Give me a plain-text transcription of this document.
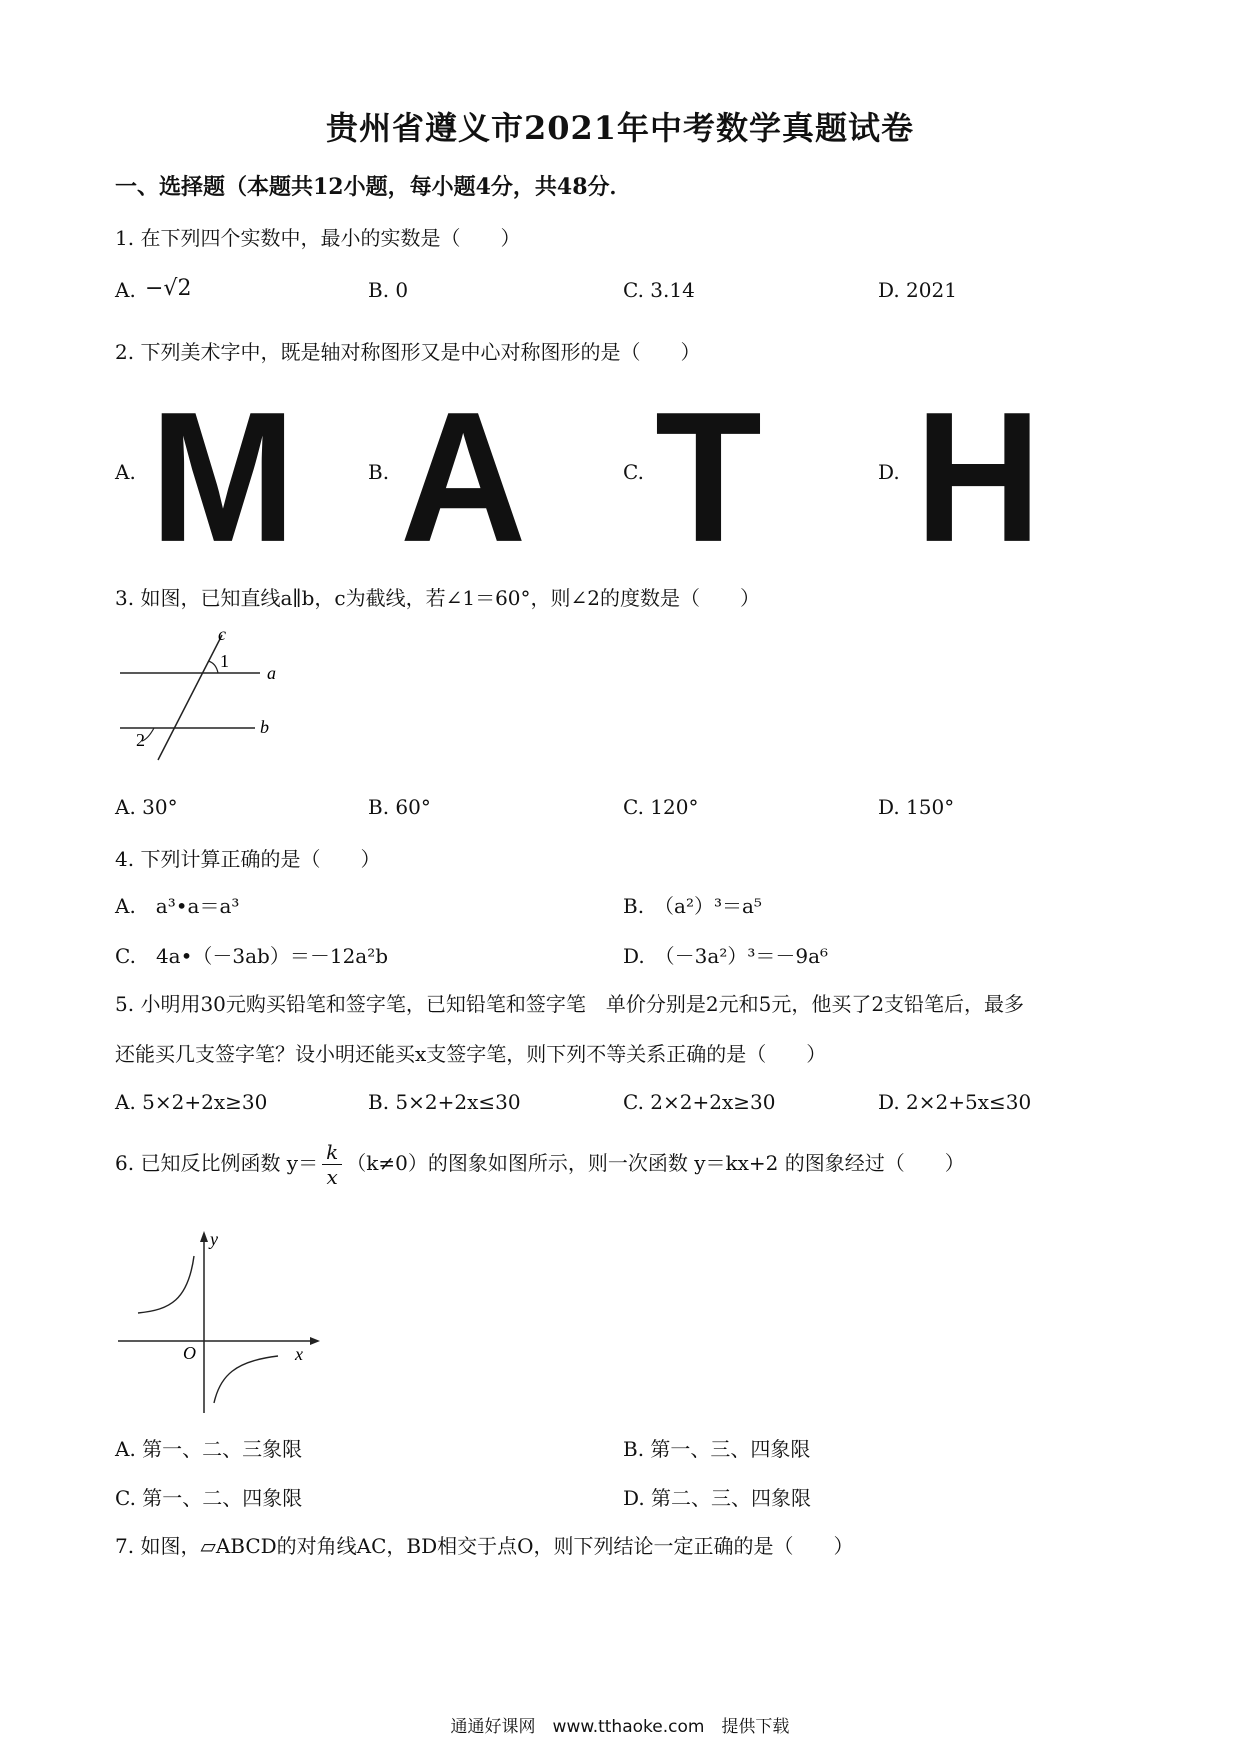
贵州省遵义市2021年中考数学真题试卷
一、选择题（本题共12小题，每小题4分，共48分．
1. 在下列四个实数中，最小的实数是（　　）
A. −√2	B. 0	C. 3.14	D. 2021
2. 下列美术字中，既是轴对称图形又是中心对称图形的是（　　）
A. M	B. A	C. T	D. H
3. 如图，已知直线a∥b，c为截线，若∠1＝60°，则∠2的度数是（　　）
c
1
a
b
2
A. 30°	B. 60°	C. 120°	D. 150°
4. 下列计算正确的是（　　）
A.　a³•a＝a³	B.　（a²）³＝a⁵
C.　4a•（－3ab）＝－12a²b	D.　（－3a²）³＝－9a⁶
5. 小明用30元购买铅笔和签字笔，已知铅笔和签字笔　单价分别是2元和5元，他买了2支铅笔后，最多
还能买几支签字笔？设小明还能买x支签字笔，则下列不等关系正确的是（　　）
A. 5×2+2x≥30	B. 5×2+2x≤30	C. 2×2+2x≥30	D. 2×2+5x≤30
6. 已知反比例函数 $y= \frac{k}{x} (k\ne 0)$的图象如图所示，则一次函数 y＝kx+2 的图象经过（　　）
y
x
O
A. 第一、二、三象限	B. 第一、三、四象限
C. 第一、二、四象限	D. 第二、三、四象限
7. 如图，▱ABCD的对角线AC，BD相交于点O，则下列结论一定正确的是（　　）
通通好课网　www.tthaoke.com　提供下载
